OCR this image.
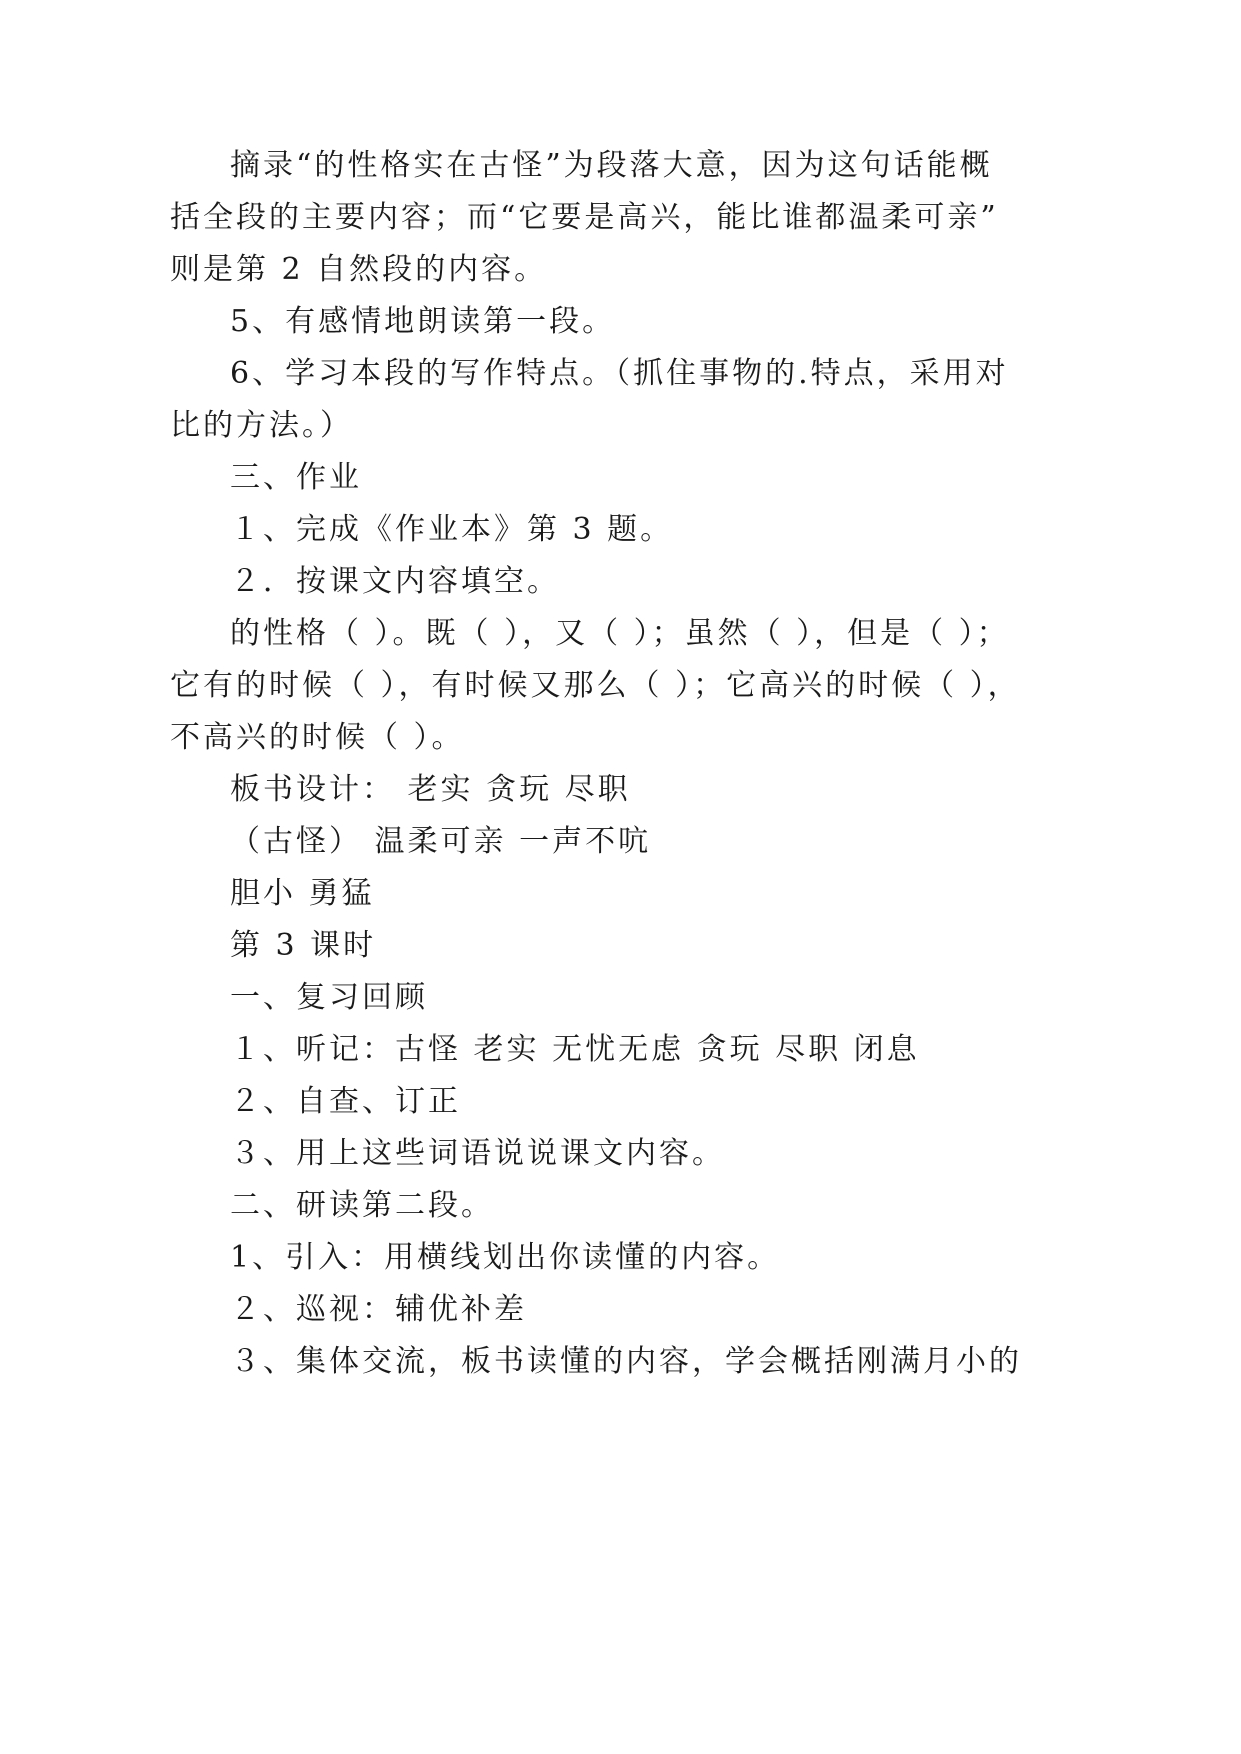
摘录“的性格实在古怪”为段落大意，因为这句话能概
括全段的主要内容；而“它要是高兴，能比谁都温柔可亲”
则是第 2 自然段的内容。
5、有感情地朗读第一段。
6、学习本段的写作特点。（抓住事物的.特点，采用对
比的方法。）
三、作业
１、完成《作业本》第 3 题。
２．按课文内容填空。
的性格（ ）。既（ ），又（ ）；虽然（ ），但是（ ）；
它有的时候（ ），有时候又那么（ ）；它高兴的时候（ ），
不高兴的时候（ ）。
板书设计： 老实 贪玩 尽职
（古怪） 温柔可亲 一声不吭
胆小 勇猛
第 3 课时
一、复习回顾
１、听记：古怪 老实 无忧无虑 贪玩 尽职 闭息
２、自查、订正
３、用上这些词语说说课文内容。
二、研读第二段。
1、引入：用横线划出你读懂的内容。
２、巡视：辅优补差
３、集体交流，板书读懂的内容，学会概括刚满月小的
